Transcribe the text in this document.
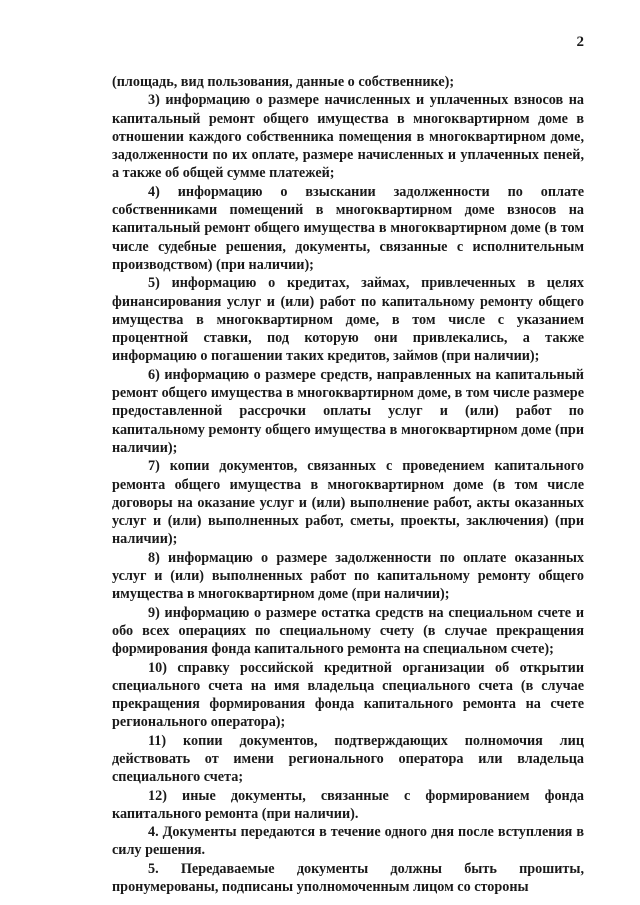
2

(площадь, вид пользования, данные о собственнике);

3) информацию о размере начисленных и уплаченных взносов на капитальный ремонт общего имущества в многоквартирном доме в отношении каждого собственника помещения в многоквартирном доме, задолженности по их оплате, размере начисленных и уплаченных пеней, а также об общей сумме платежей;

4) информацию о взыскании задолженности по оплате собственниками помещений в многоквартирном доме взносов на капитальный ремонт общего имущества в многоквартирном доме (в том числе судебные решения, документы, связанные с исполнительным производством) (при наличии);

5) информацию о кредитах, займах, привлеченных в целях финансирования услуг и (или) работ по капитальному ремонту общего имущества в многоквартирном доме, в том числе с указанием процентной ставки, под которую они привлекались, а также информацию о погашении таких кредитов, займов (при наличии);

6) информацию о размере средств, направленных на капитальный ремонт общего имущества в многоквартирном доме, в том числе размере предоставленной рассрочки оплаты услуг и (или) работ по капитальному ремонту общего имущества в многоквартирном доме (при наличии);

7) копии документов, связанных с проведением капитального ремонта общего имущества в многоквартирном доме (в том числе договоры на оказание услуг и (или) выполнение работ, акты оказанных услуг и (или) выполненных работ, сметы, проекты, заключения) (при наличии);

8) информацию о размере задолженности по оплате оказанных услуг и (или) выполненных работ по капитальному ремонту общего имущества в многоквартирном доме (при наличии);

9) информацию о размере остатка средств на специальном счете и обо всех операциях по специальному счету (в случае прекращения формирования фонда капитального ремонта на специальном счете);

10) справку российской кредитной организации об открытии специального счета на имя владельца специального счета (в случае прекращения формирования фонда капитального ремонта на счете регионального оператора);

11) копии документов, подтверждающих полномочия лиц действовать от имени регионального оператора или владельца специального счета;

12) иные документы, связанные с формированием фонда капитального ремонта (при наличии).

4. Документы передаются в течение одного дня после вступления в силу решения.

5. Передаваемые документы должны быть прошиты, пронумерованы, подписаны уполномоченным лицом со стороны
